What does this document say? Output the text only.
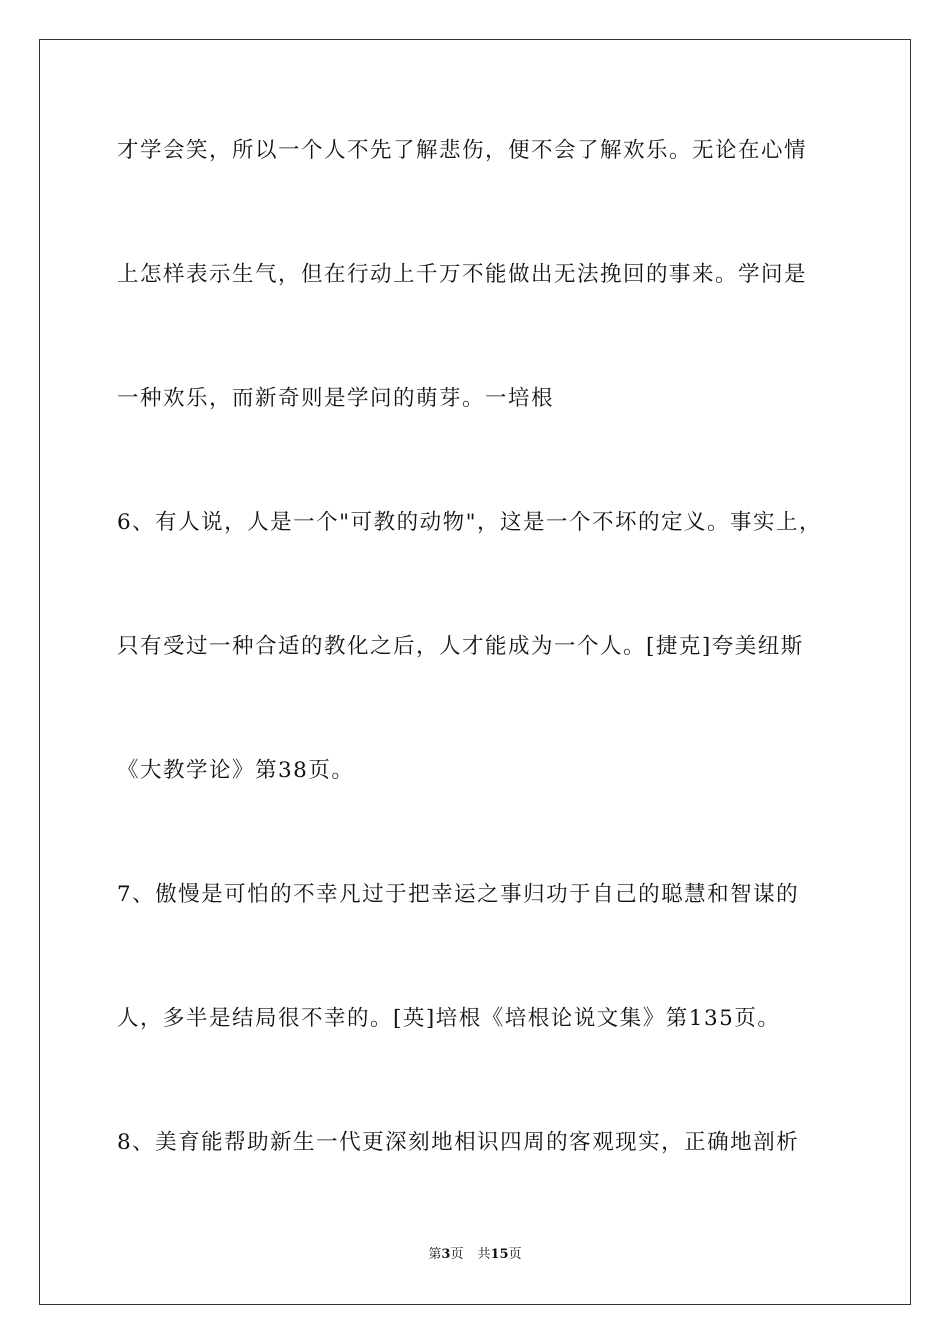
才学会笑，所以一个人不先了解悲伤，便不会了解欢乐。无论在心情
上怎样表示生气，但在行动上千万不能做出无法挽回的事来。学问是
一种欢乐，而新奇则是学问的萌芽。一培根
6、有人说，人是一个"可教的动物"，这是一个不坏的定义。事实上，
只有受过一种合适的教化之后，人才能成为一个人。[捷克]夸美纽斯
《大教学论》第38页。
7、傲慢是可怕的不幸凡过于把幸运之事归功于自己的聪慧和智谋的
人，多半是结局很不幸的。[英]培根《培根论说文集》第135页。
8、美育能帮助新生一代更深刻地相识四周的客观现实，正确地剖析
第3页 共15页
